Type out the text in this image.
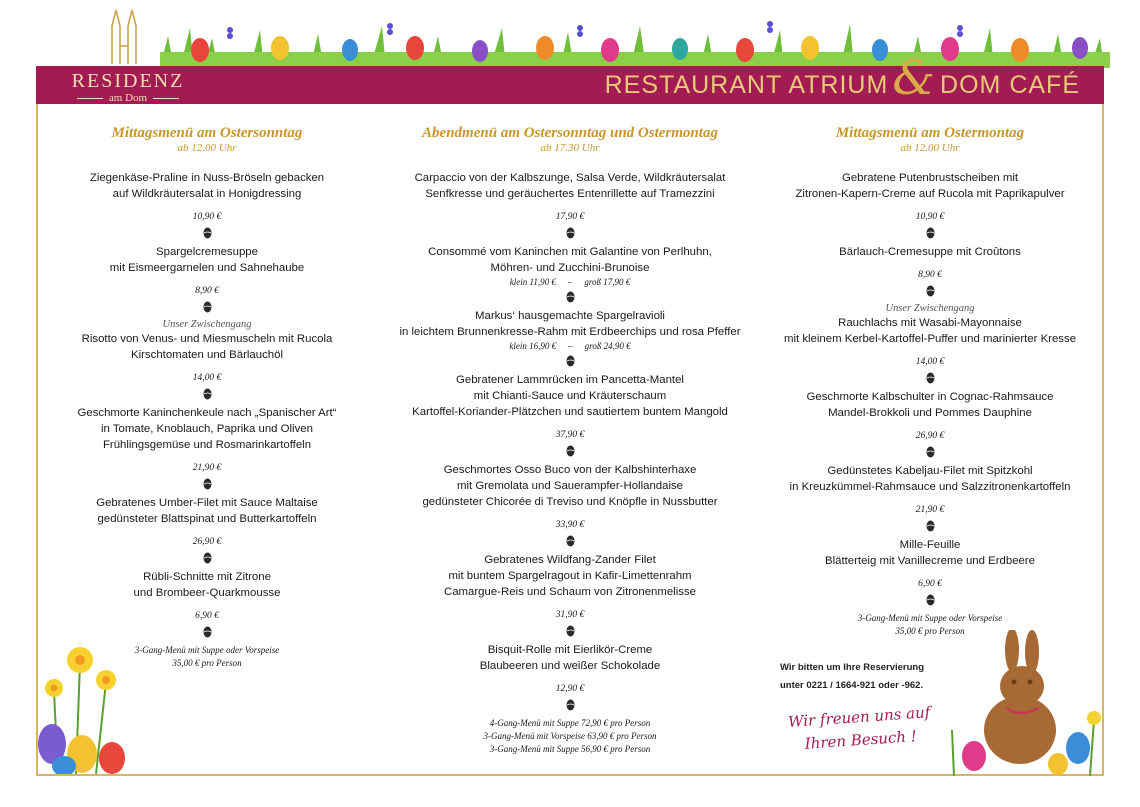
RESTAURANT ATRIUM & DOM CAFÉ
RESIDENZ
am Dom
Mittagsmenü am Ostersonntag
ab 12.00 Uhr
Ziegenkäse-Praline in Nuss-Bröseln gebacken
auf Wildkräutersalat in Honigdressing
10,90 €
Spargelcremesuppe
mit Eismeergarnelen und Sahnehaube
8,90 €
Unser Zwischengang
Risotto von Venus- und Miesmuscheln mit Rucola
Kirschtomaten und Bärlauchöl
14,00 €
Geschmorte Kaninchenkeule nach „Spanischer Art“
in Tomate, Knoblauch, Paprika und Oliven
Frühlingsgemüse und Rosmarinkartoffeln
21,90 €
Gebratenes Umber-Filet mit Sauce Maltaise
gedünsteter Blattspinat und Butterkartoffeln
26,90 €
Rübli-Schnitte mit Zitrone
und Brombeer-Quarkmousse
6,90 €
3-Gang-Menü mit Suppe oder Vorspeise
35,00 € pro Person
Abendmenü am Ostersonntag und Ostermontag
ab 17.30 Uhr
Carpaccio von der Kalbszunge, Salsa Verde, Wildkräutersalat
Senfkresse und geräuchertes Entenrillette auf Tramezzini
17,90 €
Consommé vom Kaninchen mit Galantine von Perlhuhn,
Möhren- und Zucchini-Brunoise
klein 11,90 € – groß 17,90 €
Markus‘ hausgemachte Spargelravioli
in leichtem Brunnenkresse-Rahm mit Erdbeerchips und rosa Pfeffer
klein 16,90 € – groß 24,90 €
Gebratener Lammrücken im Pancetta-Mantel
mit Chianti-Sauce und Kräuterschaum
Kartoffel-Koriander-Plätzchen und sautiertem buntem Mangold
37,90 €
Geschmortes Osso Buco von der Kalbshinterhaxe
mit Gremolata und Sauerampfer-Hollandaise
gedünsteter Chicorée di Treviso und Knöpfle in Nussbutter
33,90 €
Gebratenes Wildfang-Zander Filet
mit buntem Spargelragout in Kafir-Limettenrahm
Camargue-Reis und Schaum von Zitronenmelisse
31,90 €
Bisquit-Rolle mit Eierlikör-Creme
Blaubeeren und weißer Schokolade
12,90 €
4-Gang-Menü mit Suppe 72,90 € pro Person
3-Gang-Menü mit Vorspeise 63,90 € pro Person
3-Gang-Menü mit Suppe 56,90 € pro Person
Mittagsmenü am Ostermontag
ab 12.00 Uhr
Gebratene Putenbrustscheiben mit
Zitronen-Kapern-Creme auf Rucola mit Paprikapulver
10,90 €
Bärlauch-Cremesuppe mit Croûtons
8,90 €
Unser Zwischengang
Rauchlachs mit Wasabi-Mayonnaise
mit kleinem Kerbel-Kartoffel-Puffer und marinierter Kresse
14,00 €
Geschmorte Kalbschulter in Cognac-Rahmsauce
Mandel-Brokkoli und Pommes Dauphine
26,90 €
Gedünstetes Kabeljau-Filet mit Spitzkohl
in Kreuzkümmel-Rahmsauce und Salzzitronenkartoffeln
21,90 €
Mille-Feuille
Blätterteig mit Vanillecreme und Erdbeere
6,90 €
3-Gang-Menü mit Suppe oder Vorspeise
35,00 € pro Person
Wir bitten um Ihre Reservierung
unter 0221 / 1664-921 oder -962.
Wir freuen uns auf
Ihren Besuch !
